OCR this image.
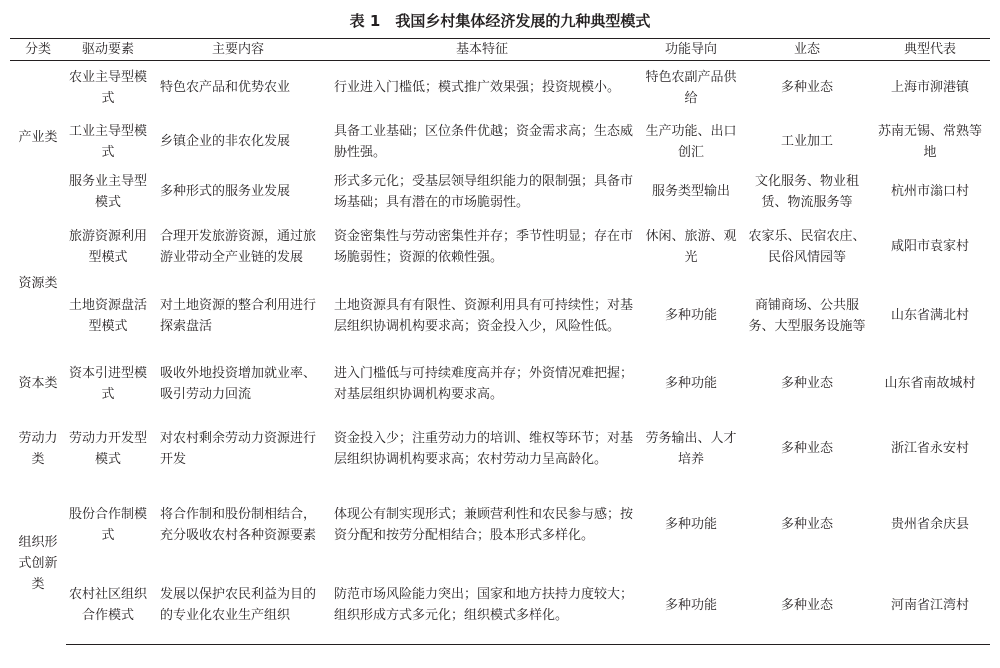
表 1　我国乡村集体经济发展的九种典型模式
分类	驱动要素	主要内容	基本特征	功能导向	业态	典型代表
产业类	农业主导型模式	特色农产品和优势农业	行业进入门槛低；模式推广效果强；投资规模小。	特色农副产品供给	多种业态	上海市泖港镇
	工业主导型模式	乡镇企业的非农化发展	具备工业基础；区位条件优越；资金需求高；生态威胁性强。	生产功能、出口创汇	工业加工	苏南无锡、常熟等地
	服务业主导型模式	多种形式的服务业发展	形式多元化；受基层领导组织能力的限制强；具备市场基础；具有潜在的市场脆弱性。	服务类型输出	文化服务、物业租赁、物流服务等	杭州市滃口村
资源类	旅游资源利用型模式	合理开发旅游资源，通过旅游业带动全产业链的发展	资金密集性与劳动密集性并存；季节性明显；存在市场脆弱性；资源的依赖性强。	休闲、旅游、观光	农家乐、民宿农庄、民俗风情园等	咸阳市袁家村
	土地资源盘活型模式	对土地资源的整合利用进行探索盘活	土地资源具有有限性、资源利用具有可持续性；对基层组织协调机构要求高；资金投入少，风险性低。	多种功能	商铺商场、公共服务、大型服务设施等	山东省满北村
资本类	资本引进型模式	吸收外地投资增加就业率、吸引劳动力回流	进入门槛低与可持续难度高并存；外资情况难把握；对基层组织协调机构要求高。	多种功能	多种业态	山东省南故城村
劳动力类	劳动力开发型模式	对农村剩余劳动力资源进行开发	资金投入少；注重劳动力的培训、维权等环节；对基层组织协调机构要求高；农村劳动力呈高龄化。	劳务输出、人才培养	多种业态	浙江省永安村
组织形式创新类	股份合作制模式	将合作制和股份制相结合，充分吸收农村各种资源要素	体现公有制实现形式；兼顾营利性和农民参与感；按资分配和按劳分配相结合；股本形式多样化。	多种功能	多种业态	贵州省余庆县
	农村社区组织合作模式	发展以保护农民利益为目的的专业化农业生产组织	防范市场风险能力突出；国家和地方扶持力度较大；组织形成方式多元化；组织模式多样化。	多种功能	多种业态	河南省江湾村
